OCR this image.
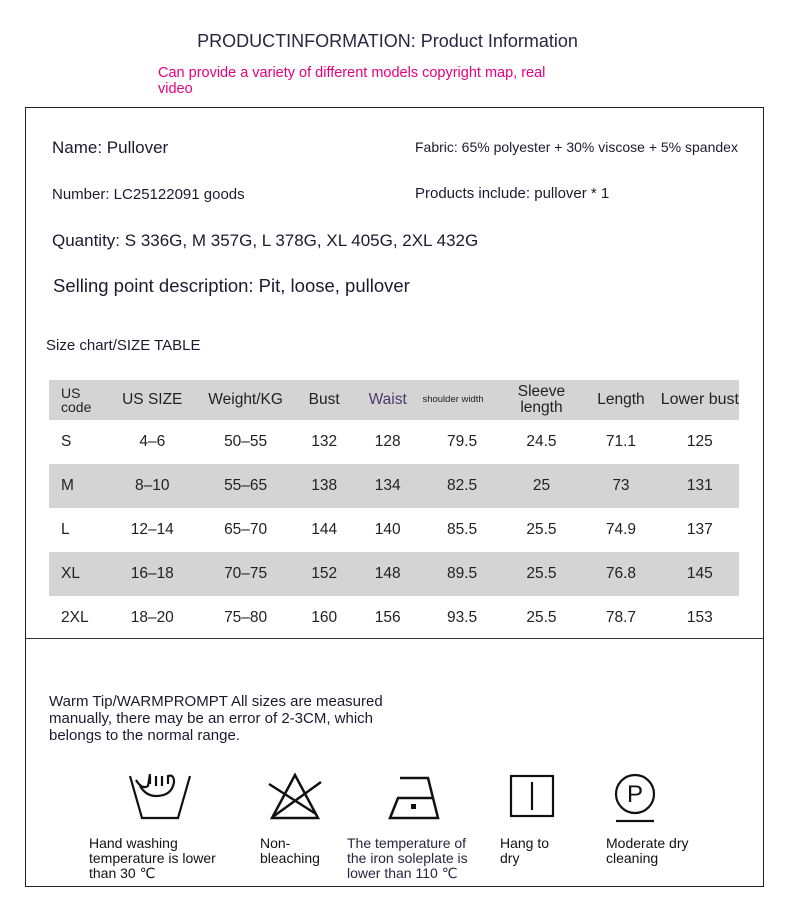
PRODUCTINFORMATION: Product Information
Can provide a variety of different models copyright map, real video
Name: Pullover	Fabric: 65% polyester + 30% viscose + 5% spandex
Number: LC25122091 goods	Products include: pullover * 1
Quantity: S 336G, M 357G, L 378G, XL 405G, 2XL 432G
Selling point description: Pit, loose, pullover
Size chart/SIZE TABLE
US code	US SIZE	Weight/KG	Bust	Waist	shoulder width	Sleeve length	Length	Lower bust
S	4–6	50–55	132	128	79.5	24.5	71.1	125
M	8–10	55–65	138	134	82.5	25	73	131
L	12–14	65–70	144	140	85.5	25.5	74.9	137
XL	16–18	70–75	152	148	89.5	25.5	76.8	145
2XL	18–20	75–80	160	156	93.5	25.5	78.7	153
Warm Tip/WARMPROMPT All sizes are measured manually, there may be an error of 2-3CM, which belongs to the normal range.
P
Hand washing temperature is lower than 30 ℃
Non-bleaching
The temperature of the iron soleplate is lower than 110 ℃
Hang to dry
Moderate dry cleaning
